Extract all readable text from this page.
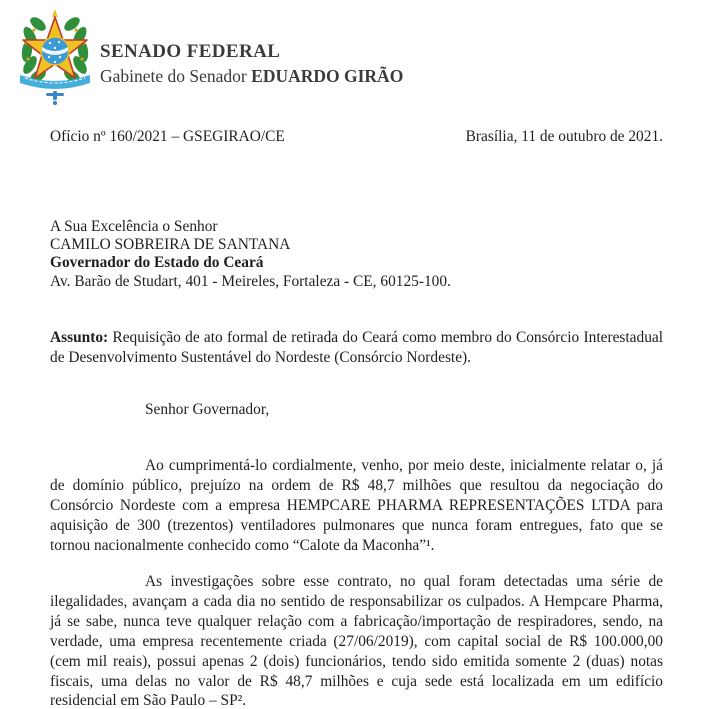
SENADO FEDERAL
Gabinete do Senador EDUARDO GIRÃO
Ofício nº 160/2021 – GSEGIRAO/CE	Brasília, 11 de outubro de 2021.
A Sua Excelência o Senhor
CAMILO SOBREIRA DE SANTANA
Governador do Estado do Ceará
Av. Barão de Studart, 401 - Meireles, Fortaleza - CE, 60125-100.

Assunto: Requisição de ato formal de retirada do Ceará como membro do Consórcio Interestadual de Desenvolvimento Sustentável do Nordeste (Consórcio Nordeste).

Senhor Governador,

Ao cumprimentá-lo cordialmente, venho, por meio deste, inicialmente relatar o, já de domínio público, prejuízo na ordem de R$ 48,7 milhões que resultou da negociação do Consórcio Nordeste com a empresa HEMPCARE PHARMA REPRESENTAÇÕES LTDA para aquisição de 300 (trezentos) ventiladores pulmonares que nunca foram entregues, fato que se tornou nacionalmente conhecido como “Calote da Maconha”¹.

As investigações sobre esse contrato, no qual foram detectadas uma série de ilegalidades, avançam a cada dia no sentido de responsabilizar os culpados. A Hempcare Pharma, já se sabe, nunca teve qualquer relação com a fabricação/importação de respiradores, sendo, na verdade, uma empresa recentemente criada (27/06/2019), com capital social de R$ 100.000,00 (cem mil reais), possui apenas 2 (dois) funcionários, tendo sido emitida somente 2 (duas) notas fiscais, uma delas no valor de R$ 48,7 milhões e cuja sede está localizada em um edifício residencial em São Paulo – SP².
